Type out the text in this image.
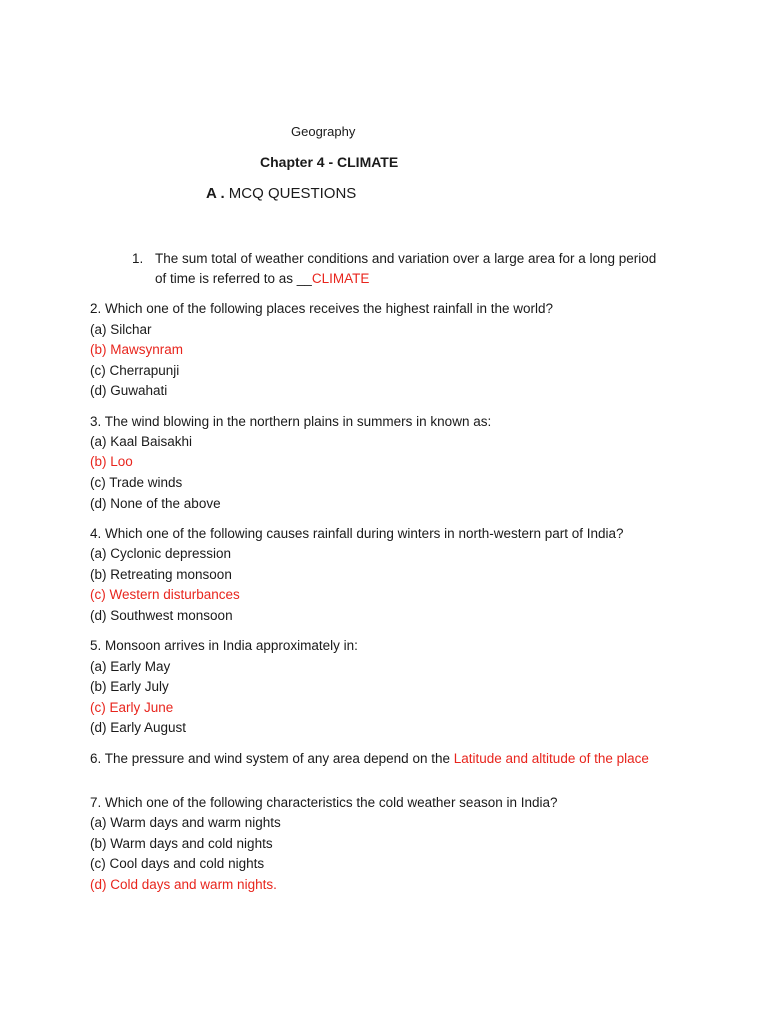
Geography
Chapter 4 - CLIMATE
A . MCQ QUESTIONS
1. The sum total of weather conditions and variation over a large area for a long period
of time is referred to as __CLIMATE
2. Which one of the following places receives the highest rainfall in the world?
(a) Silchar
(b) Mawsynram
(c) Cherrapunji
(d) Guwahati
3. The wind blowing in the northern plains in summers in known as:
(a) Kaal Baisakhi
(b) Loo
(c) Trade winds
(d) None of the above
4. Which one of the following causes rainfall during winters in north-western part of India?
(a) Cyclonic depression
(b) Retreating monsoon
(c) Western disturbances
(d) Southwest monsoon
5. Monsoon arrives in India approximately in:
(a) Early May
(b) Early July
(c) Early June
(d) Early August
6. The pressure and wind system of any area depend on the Latitude and altitude of the place
7. Which one of the following characteristics the cold weather season in India?
(a) Warm days and warm nights
(b) Warm days and cold nights
(c) Cool days and cold nights
(d) Cold days and warm nights.
